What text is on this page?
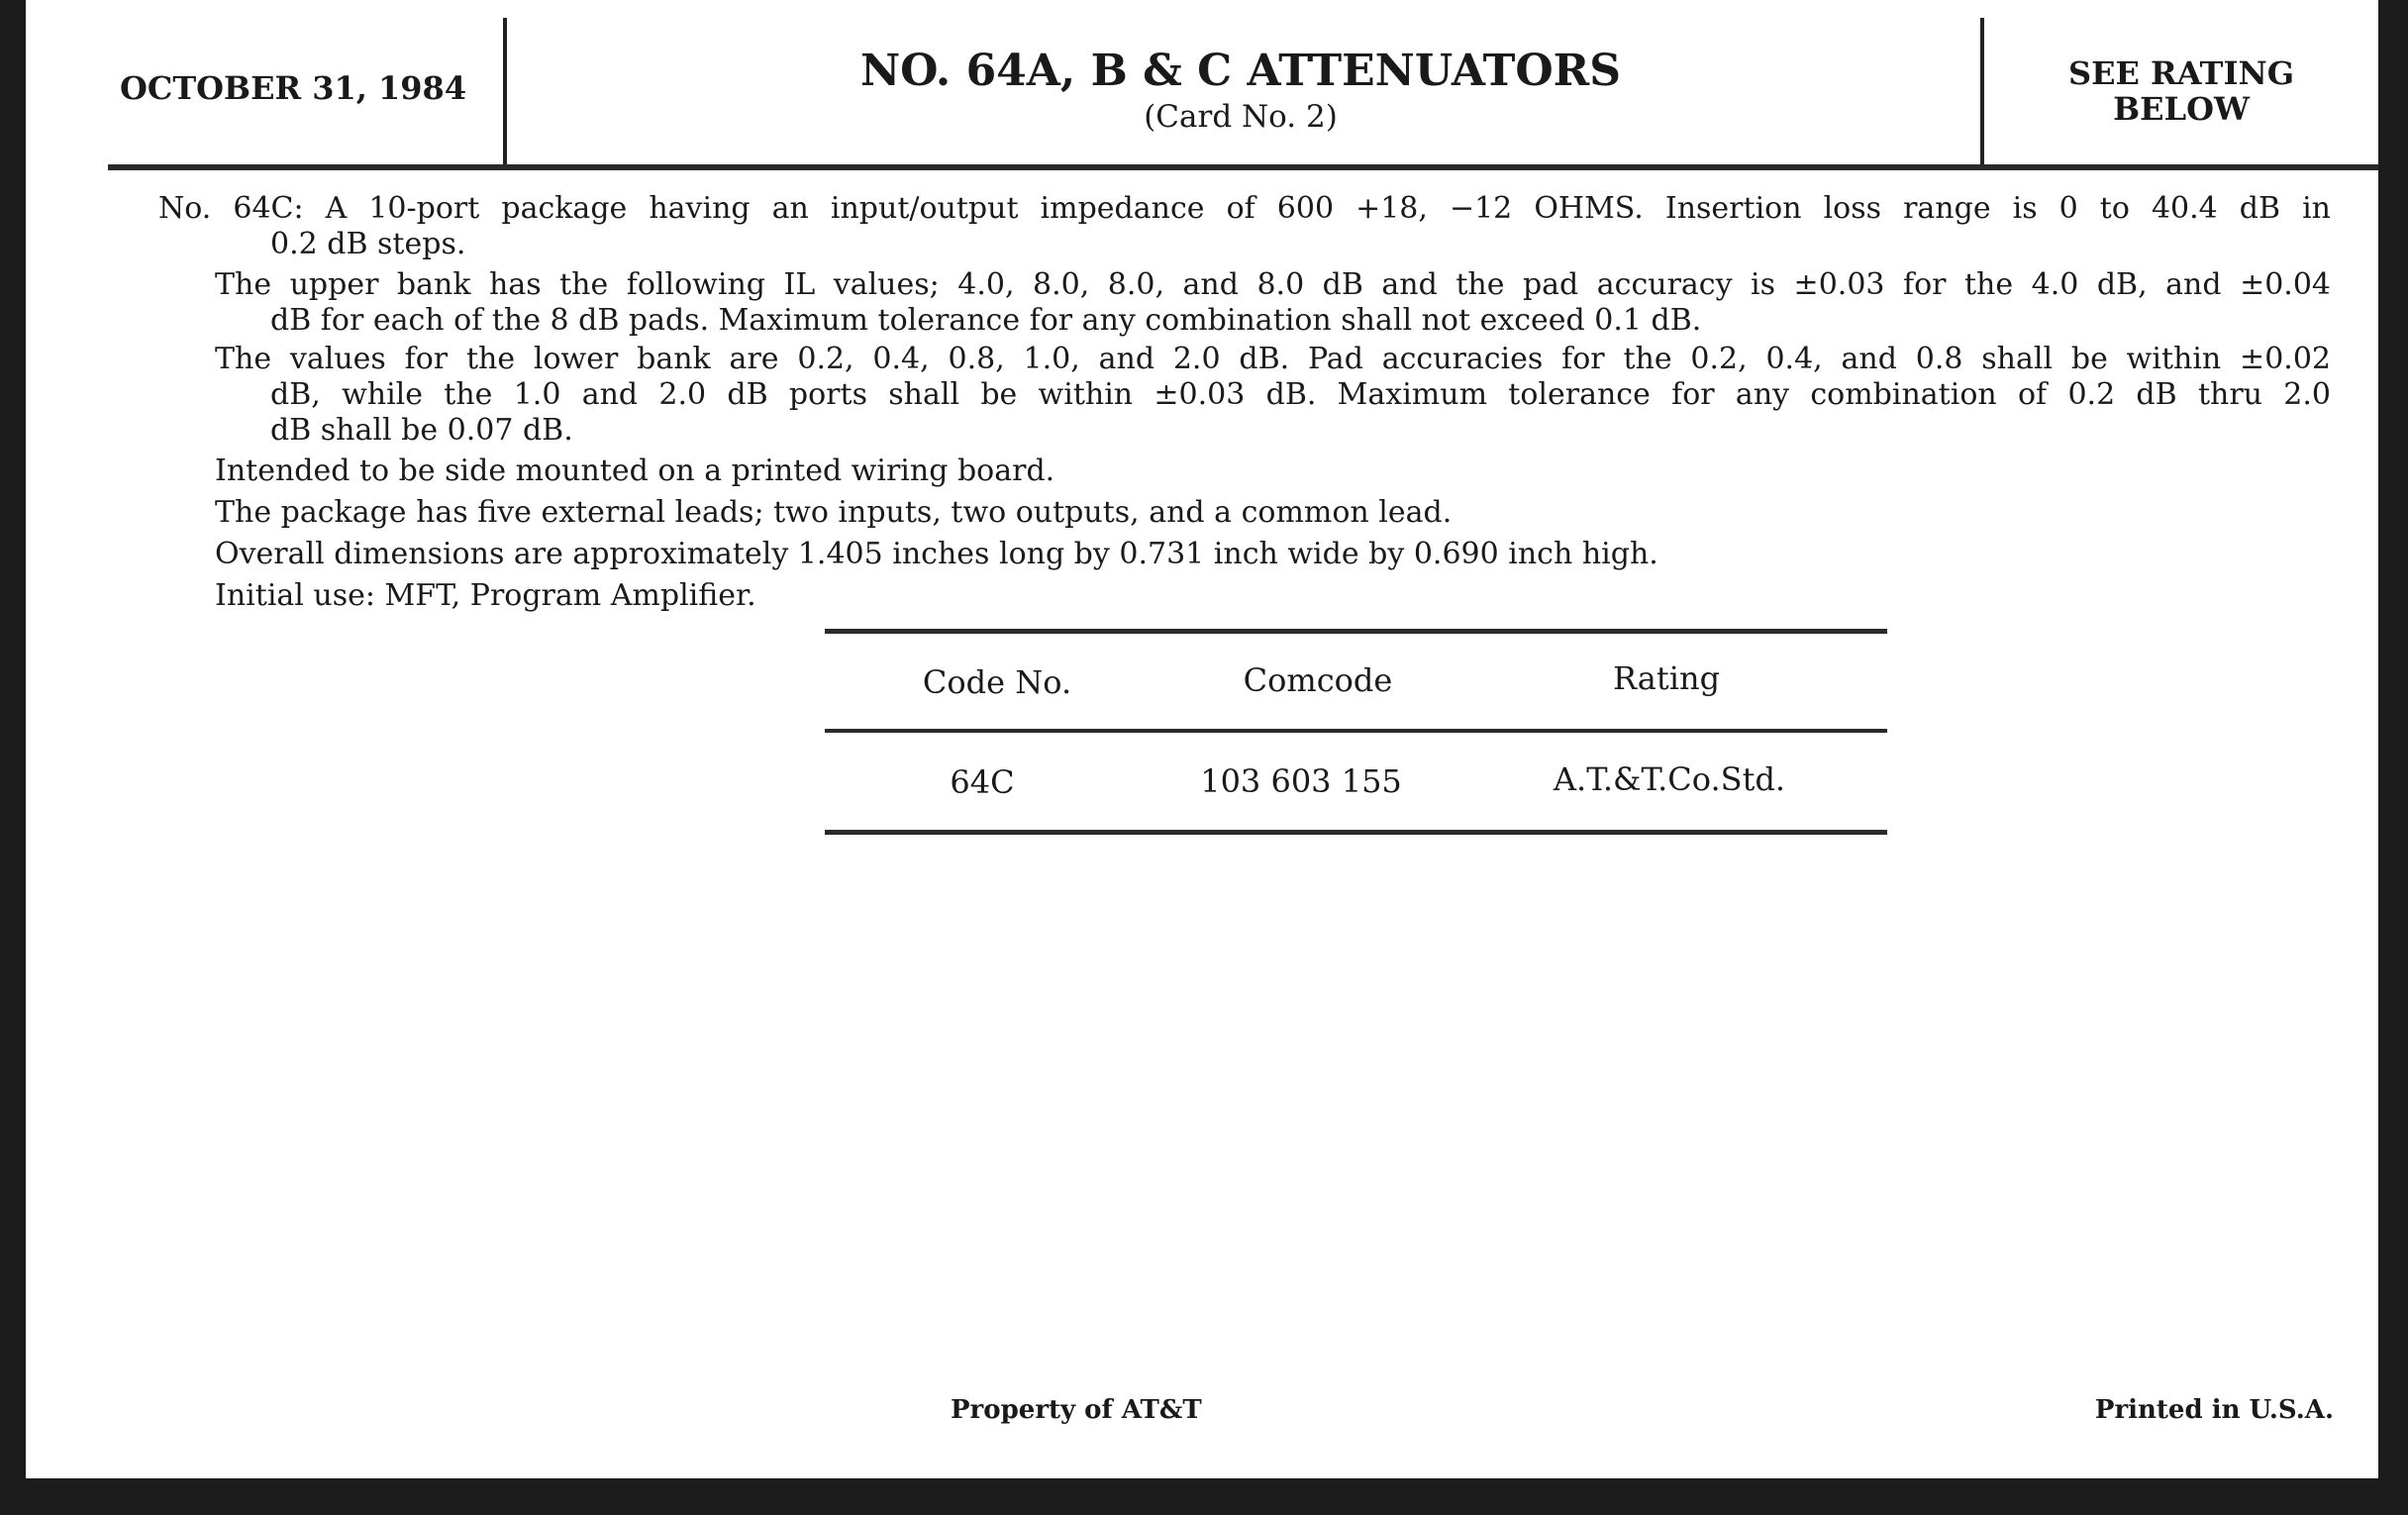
OCTOBER 31, 1984	NO. 64A, B & C ATTENUATORS
(Card No. 2)
SEE RATING
BELOW
No. 64C: A 10-port package having an input/output impedance of 600 +18, −12 OHMS. Insertion loss range is 0 to 40.4 dB in
0.2 dB steps.
The upper bank has the following IL values; 4.0, 8.0, 8.0, and 8.0 dB and the pad accuracy is ±0.03 for the 4.0 dB, and ±0.04
dB for each of the 8 dB pads. Maximum tolerance for any combination shall not exceed 0.1 dB.
The values for the lower bank are 0.2, 0.4, 0.8, 1.0, and 2.0 dB. Pad accuracies for the 0.2, 0.4, and 0.8 shall be within ±0.02
dB, while the 1.0 and 2.0 dB ports shall be within ±0.03 dB. Maximum tolerance for any combination of 0.2 dB thru 2.0
dB shall be 0.07 dB.
Intended to be side mounted on a printed wiring board.
The package has five external leads; two inputs, two outputs, and a common lead.
Overall dimensions are approximately 1.405 inches long by 0.731 inch wide by 0.690 inch high.
Initial use: MFT, Program Amplifier.
Code No.	Comcode	Rating
64C	103 603 155	A.T.&T.Co.Std.
Property of AT&T	Printed in U.S.A.
